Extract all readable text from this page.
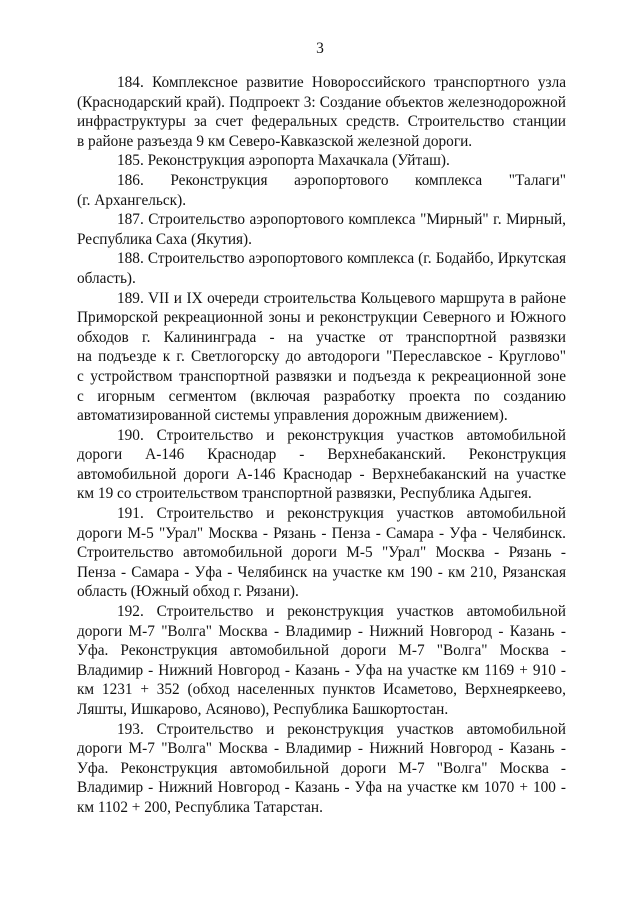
3

184. Комплексное развитие Новороссийского транспортного узла

(Краснодарский край). Подпроект 3: Создание объектов железнодорожной

инфраструктуры за счет федеральных средств. Строительство станции

в районе разъезда 9 км Северо-Кавказской железной дороги.

185. Реконструкция аэропорта Махачкала (Уйташ).

186. Реконструкция аэропортового комплекса "Талаги"

(г. Архангельск).

187. Строительство аэропортового комплекса "Мирный" г. Мирный,

Республика Саха (Якутия).

188. Строительство аэропортового комплекса (г. Бодайбо, Иркутская

область).

189. VII и IX очереди строительства Кольцевого маршрута в районе

Приморской рекреационной зоны и реконструкции Северного и Южного

обходов г. Калининграда - на участке от транспортной развязки

на подъезде к г. Светлогорску до автодороги "Переславское - Круглово"

с устройством транспортной развязки и подъезда к рекреационной зоне

с игорным сегментом (включая разработку проекта по созданию

автоматизированной системы управления дорожным движением).

190. Строительство и реконструкция участков автомобильной

дороги А-146 Краснодар - Верхнебаканский. Реконструкция

автомобильной дороги А-146 Краснодар - Верхнебаканский на участке

км 19 со строительством транспортной развязки, Республика Адыгея.

191. Строительство и реконструкция участков автомобильной

дороги М-5 "Урал" Москва - Рязань - Пенза - Самара - Уфа - Челябинск.

Строительство автомобильной дороги М-5 "Урал" Москва - Рязань -

Пенза - Самара - Уфа - Челябинск на участке км 190 - км 210, Рязанская

область (Южный обход г. Рязани).

192. Строительство и реконструкция участков автомобильной

дороги М-7 "Волга" Москва - Владимир - Нижний Новгород - Казань -

Уфа. Реконструкция автомобильной дороги М-7 "Волга" Москва -

Владимир - Нижний Новгород - Казань - Уфа на участке км 1169 + 910 -

км 1231 + 352 (обход населенных пунктов Исаметово, Верхнеяркеево,

Ляшты, Ишкарово, Асяново), Республика Башкортостан.

193. Строительство и реконструкция участков автомобильной

дороги М-7 "Волга" Москва - Владимир - Нижний Новгород - Казань -

Уфа. Реконструкция автомобильной дороги М-7 "Волга" Москва -

Владимир - Нижний Новгород - Казань - Уфа на участке км 1070 + 100 -

км 1102 + 200, Республика Татарстан.
